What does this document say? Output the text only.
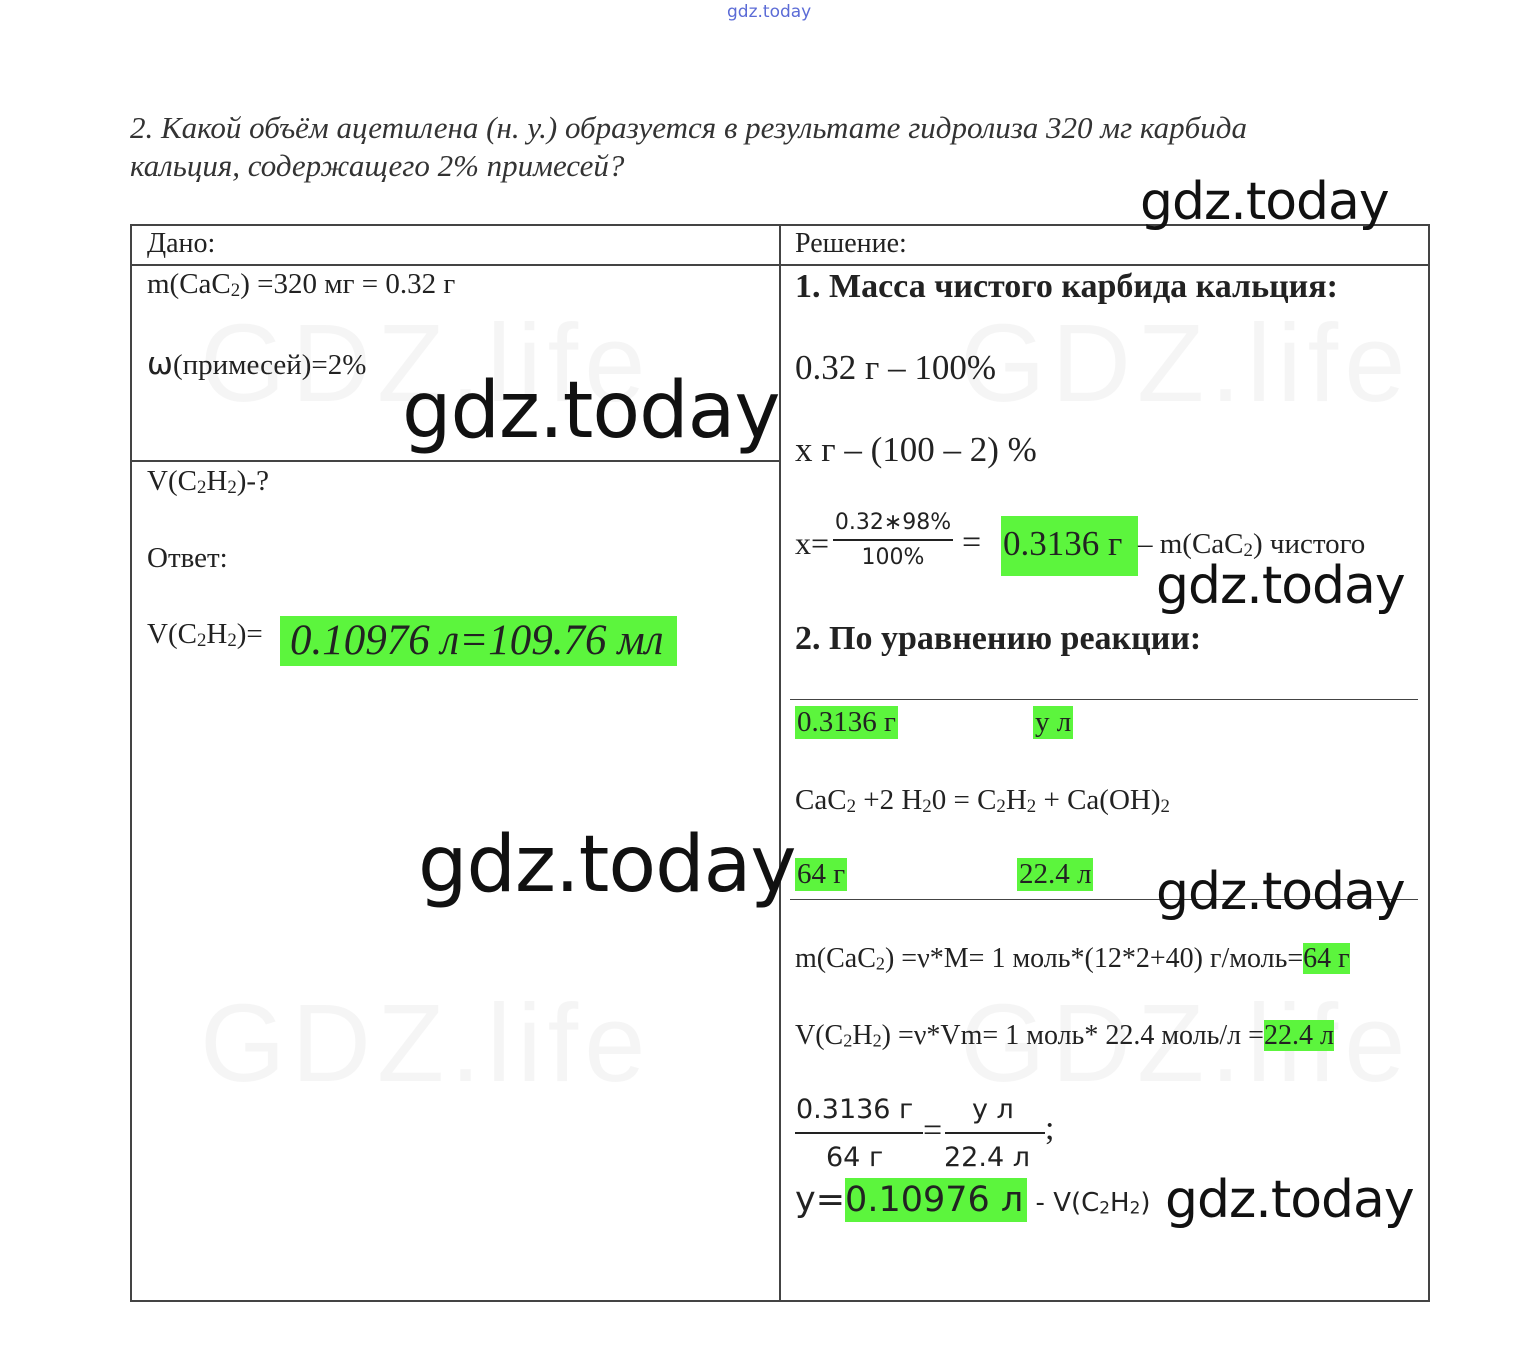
gdz.today
2. Какой объём ацетилена (н. у.) образуется в результате гидролиза 320 мг карбида
кальция, содержащего 2% примесей?
Дано:
m(CaC$_2$) =320 мг = 0.32 г
ω(примесей)=2%
$V(C_2H_2)-$?
Ответ:
$V(C_2H_2)= 0.10976$ л=109.76 мл
Решение:
1. Масса чистого карбида кальция:
0.32 г – 100%
х г – (100 – 2) %
$х= \frac{0.32∗98\%}{100\%} = 0.3136$ г – m(CaC$_2$) чистого
2. По уравнению реакции:
0.3136 г	у л
CaC$_2$ +2 $H_20 = C_2H_2 + Ca(OH)_2$
64 г	22.4 л
m(CaC$_2$) =ν*M= 1 моль*(12*2+40) г/моль=64 г
$V(C_2H_2) =\nu*Vm= 1$ моль* 22.4 моль/л =22.4 л
0.3136 г
64 г
=
у л
22.4 л
;
у=0.10976 л - $V(C_2H_2)$
gdz.today
gdz.today
gdz.today
gdz.today	gdz.today
gdz.today
